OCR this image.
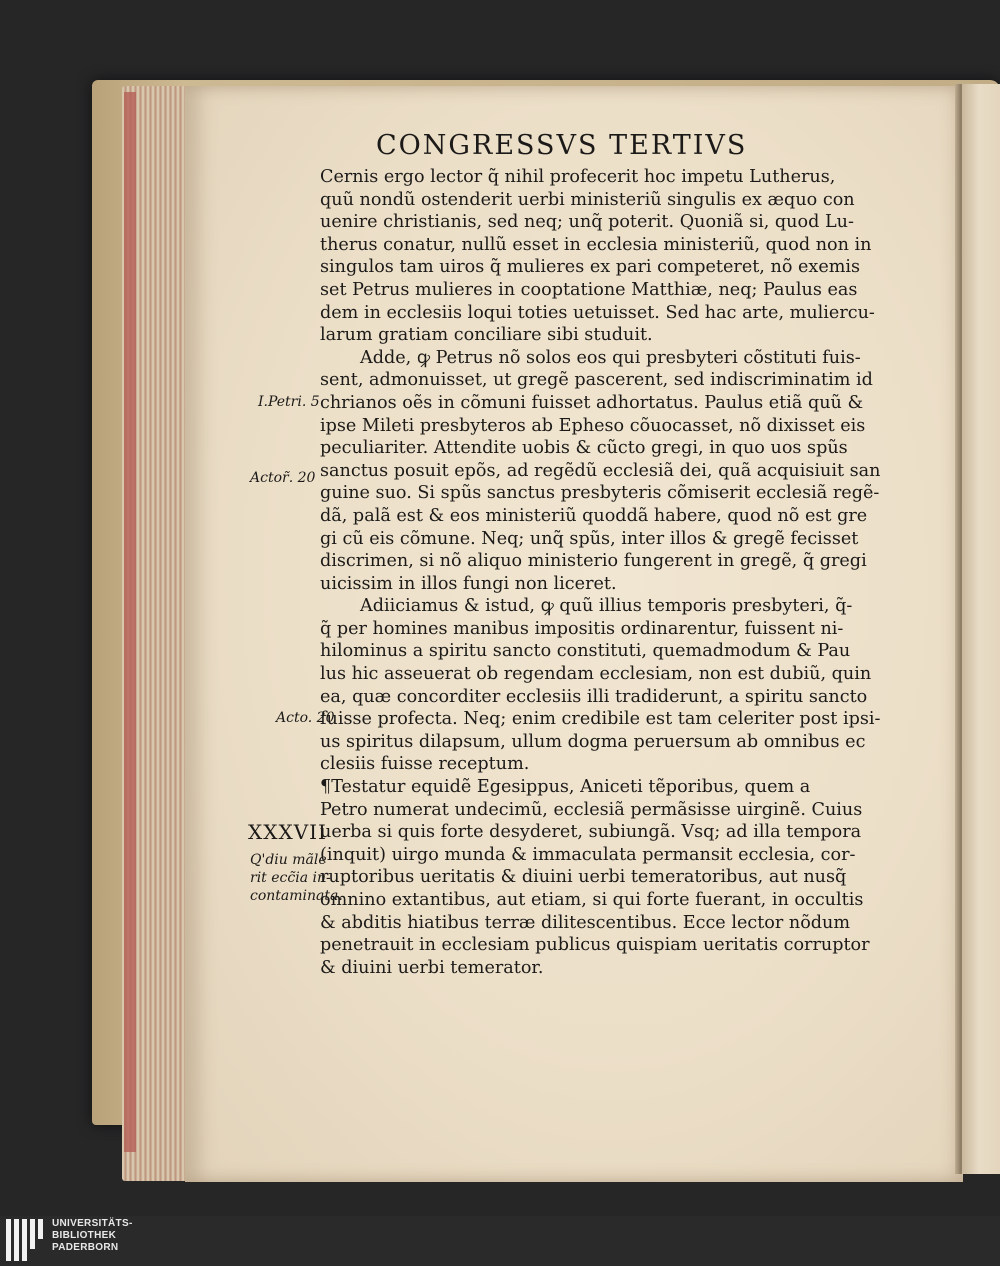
CONGRESSVS TERTIVS

Cernis ergo lector q̃ nihil profecerit hoc impetu Lutherus,
quũ nondũ ostenderit uerbi ministeriũ singulis ex æquo con
uenire christianis, sed neq; unq̃ poterit. Quoniã si, quod Lu-
therus conatur, nullũ esset in ecclesia ministeriũ, quod non in
singulos tam uiros q̃ mulieres ex pari competeret, nõ exemis
set Petrus mulieres in cooptatione Matthiæ, neq; Paulus eas
dem in ecclesiis loqui toties uetuisset. Sed hac arte, muliercu-
larum gratiam conciliare sibi studuit.

Adde, ꝙ Petrus nõ solos eos qui presbyteri cõstituti fuis-
sent, admonuisset, ut gregẽ pascerent, sed indiscriminatim id
chrianos oẽs in cõmuni fuisset adhortatus. Paulus etiã quũ &
ipse Mileti presbyteros ab Epheso cõuocasset, nõ dixisset eis
peculiariter. Attendite uobis & cũcto gregi, in quo uos spũs
sanctus posuit epõs, ad regẽdũ ecclesiã dei, quã acquisiuit san
guine suo. Si spũs sanctus presbyteris cõmiserit ecclesiã regẽ-
dã, palã est & eos ministeriũ quoddã habere, quod nõ est gre
gi cũ eis cõmune. Neq; unq̃ spũs, inter illos & gregẽ fecisset
discrimen, si nõ aliquo ministerio fungerent in gregẽ, q̃ gregi
uicissim in illos fungi non liceret.

Adiiciamus & istud, ꝙ quũ illius temporis presbyteri, q̃-
q̃ per homines manibus impositis ordinarentur, fuissent ni-
hilominus a spiritu sancto constituti, quemadmodum & Pau
lus hic asseuerat ob regendam ecclesiam, non est dubiũ, quin
ea, quæ concorditer ecclesiis illi tradiderunt, a spiritu sancto
fuisse profecta. Neq; enim credibile est tam celeriter post ipsi-
us spiritus dilapsum, ullum dogma peruersum ab omnibus ec
clesiis fuisse receptum.

¶Testatur equidẽ Egesippus, Aniceti tẽporibus, quem a
Petro numerat undecimũ, ecclesiã permãsisse uirginẽ. Cuius
uerba si quis forte desyderet, subiungã. Vsq; ad illa tempora
(inquit) uirgo munda & immaculata permansit ecclesia, cor-
ruptoribus ueritatis & diuini uerbi temeratoribus, aut nusq̃
omnino extantibus, aut etiam, si qui forte fuerant, in occultis
& abditis hiatibus terræ dilitescentibus. Ecce lector nõdum
penetrauit in ecclesiam publicus quispiam ueritatis corruptor
& diuini uerbi temerator.

I.Petri. 5
Actor̃. 20
Acto. 20
XXXVII
Q'diu mãle
rit ecc̃ia in-
contaminata.
UNIVERSITÄTS-
BIBLIOTHEK
PADERBORN
